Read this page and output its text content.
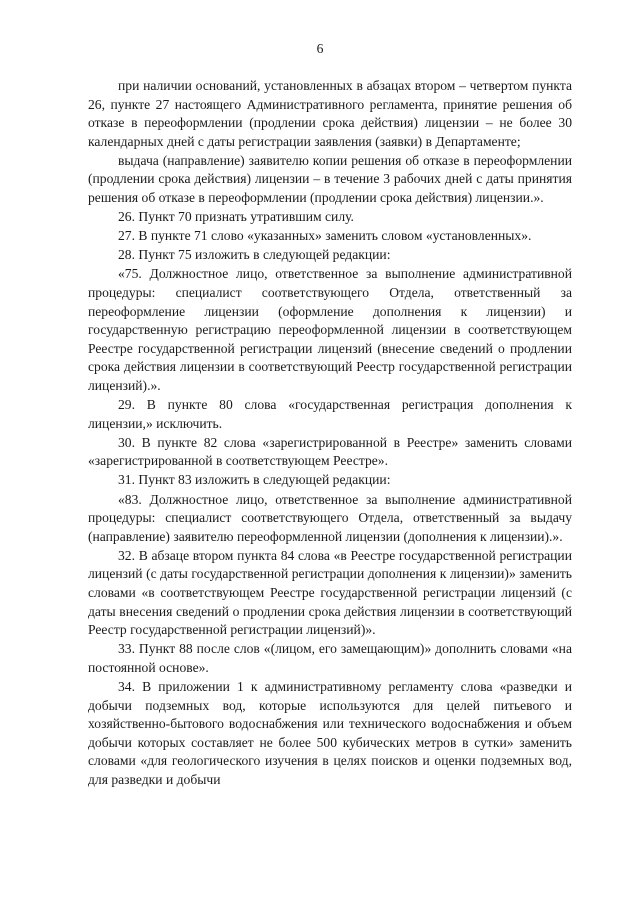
6

при наличии оснований, установленных в абзацах втором – четвертом пункта 26, пункте 27 настоящего Административного регламента, принятие решения об отказе в переоформлении (продлении срока действия) лицензии – не более 30 календарных дней с даты регистрации заявления (заявки) в Департаменте;

выдача (направление) заявителю копии решения об отказе в переоформлении (продлении срока действия) лицензии – в течение 3 рабочих дней с даты принятия решения об отказе в переоформлении (продлении срока действия) лицензии.».

26. Пункт 70 признать утратившим силу.

27. В пункте 71 слово «указанных» заменить словом «установленных».

28. Пункт 75 изложить в следующей редакции:

«75. Должностное лицо, ответственное за выполнение административной процедуры: специалист соответствующего Отдела, ответственный за переоформление лицензии (оформление дополнения к лицензии) и государственную регистрацию переоформленной лицензии в соответствующем Реестре государственной регистрации лицензий (внесение сведений о продлении срока действия лицензии в соответствующий Реестр государственной регистрации лицензий).».

29. В пункте 80 слова «государственная регистрация дополнения к лицензии,» исключить.

30. В пункте 82 слова «зарегистрированной в Реестре» заменить словами «зарегистрированной в соответствующем Реестре».

31. Пункт 83 изложить в следующей редакции:

«83. Должностное лицо, ответственное за выполнение административной процедуры: специалист соответствующего Отдела, ответственный за выдачу (направление) заявителю переоформленной лицензии (дополнения к лицензии).».

32. В абзаце втором пункта 84 слова «в Реестре государственной регистрации лицензий (с даты государственной регистрации дополнения к лицензии)» заменить словами «в соответствующем Реестре государственной регистрации лицензий (с даты внесения сведений о продлении срока действия лицензии в соответствующий Реестр государственной регистрации лицензий)».

33. Пункт 88 после слов «(лицом, его замещающим)» дополнить словами «на постоянной основе».

34. В приложении 1 к административному регламенту слова «разведки и добычи подземных вод, которые используются для целей питьевого и хозяйственно-бытового водоснабжения или технического водоснабжения и объем добычи которых составляет не более 500 кубических метров в сутки» заменить словами «для геологического изучения в целях поисков и оценки подземных вод, для разведки и добычи
